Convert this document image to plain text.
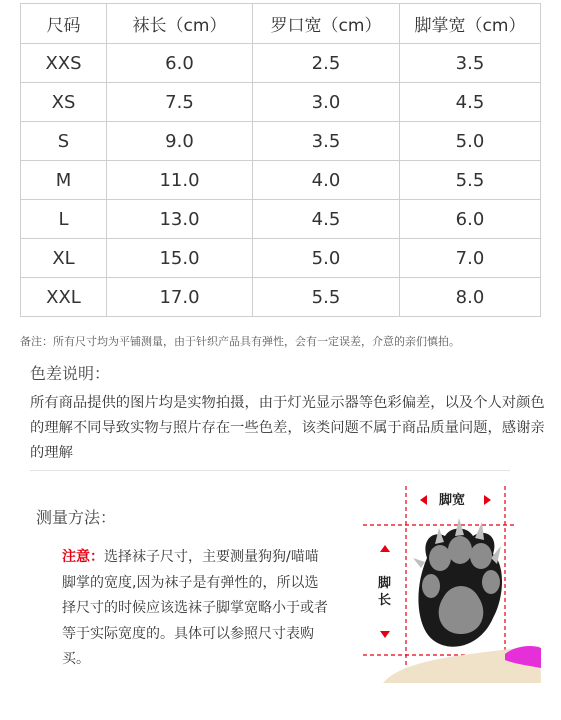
尺码	袜长（cm）	罗口宽（cm）	脚掌宽（cm）
XXS	6.0	2.5	3.5
XS	7.5	3.0	4.5
S	9.0	3.5	5.0
M	11.0	4.0	5.5
L	13.0	4.5	6.0
XL	15.0	5.0	7.0
XXL	17.0	5.5	8.0
备注：所有尺寸均为平铺测量，由于针织产品具有弹性，会有一定误差，介意的亲们慎拍。
色差说明：
所有商品提供的图片均是实物拍摄，由于灯光显示器等色彩偏差，以及个人对颜色的理解不同导致实物与照片存在一些色差，该类问题不属于商品质量问题，感谢亲的理解
测量方法：
注意：选择袜子尺寸，主要测量狗狗/喵喵脚掌的宽度,因为袜子是有弹性的，所以选择尺寸的时候应该选袜子脚掌宽略小于或者等于实际宽度的。具体可以参照尺寸表购买。
脚宽
脚长
